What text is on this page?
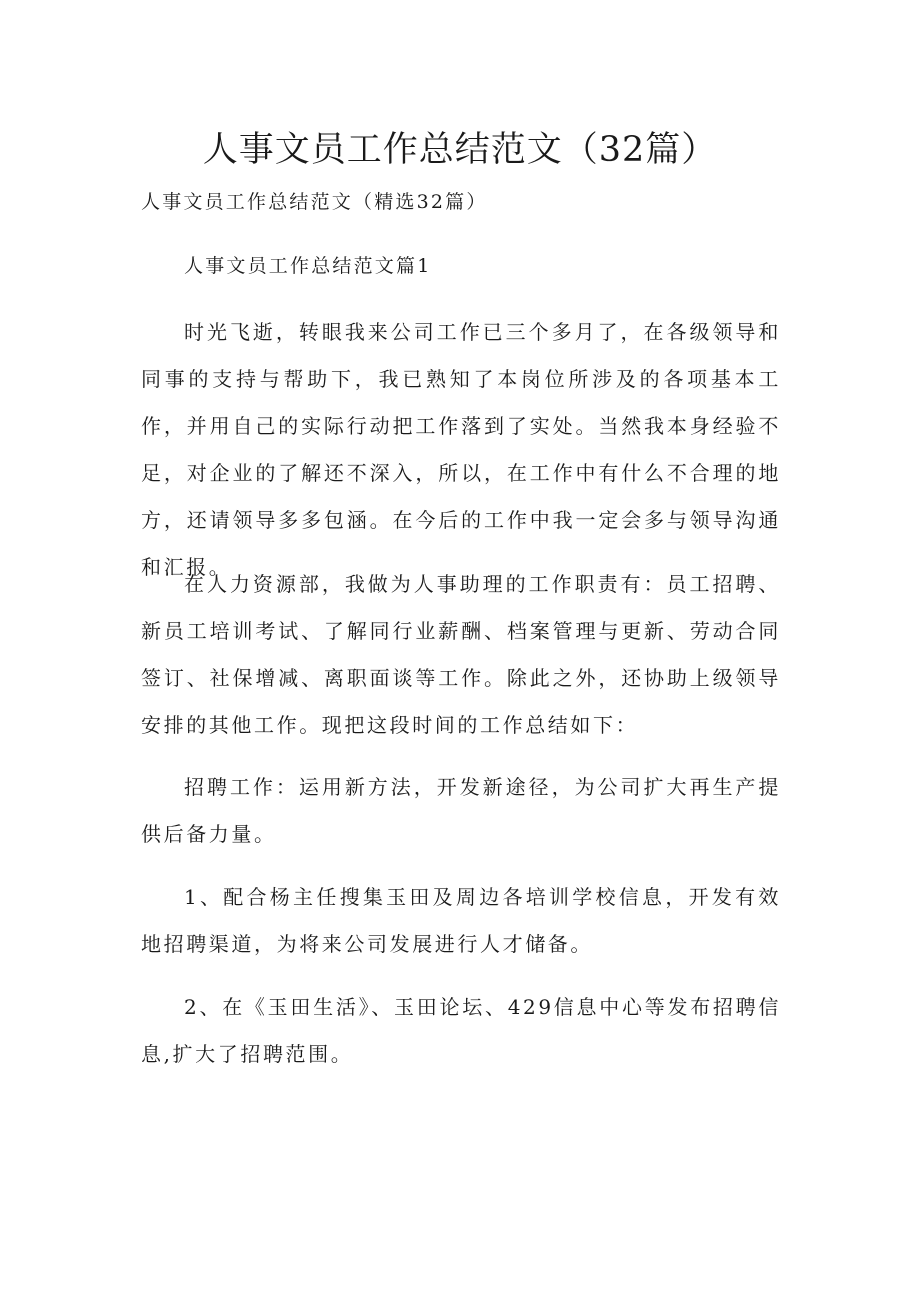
人事文员工作总结范文（32篇）

人事文员工作总结范文（精选32篇）

人事文员工作总结范文篇1

时光飞逝，转眼我来公司工作已三个多月了，在各级领导和同事的支持与帮助下，我已熟知了本岗位所涉及的各项基本工作，并用自己的实际行动把工作落到了实处。当然我本身经验不足，对企业的了解还不深入，所以，在工作中有什么不合理的地方，还请领导多多包涵。在今后的工作中我一定会多与领导沟通和汇报。

在人力资源部，我做为人事助理的工作职责有：员工招聘、新员工培训考试、了解同行业薪酬、档案管理与更新、劳动合同签订、社保增减、离职面谈等工作。除此之外，还协助上级领导安排的其他工作。现把这段时间的工作总结如下：

招聘工作：运用新方法，开发新途径，为公司扩大再生产提供后备力量。

1、配合杨主任搜集玉田及周边各培训学校信息，开发有效地招聘渠道，为将来公司发展进行人才储备。

2、在《玉田生活》、玉田论坛、429信息中心等发布招聘信息,扩大了招聘范围。
